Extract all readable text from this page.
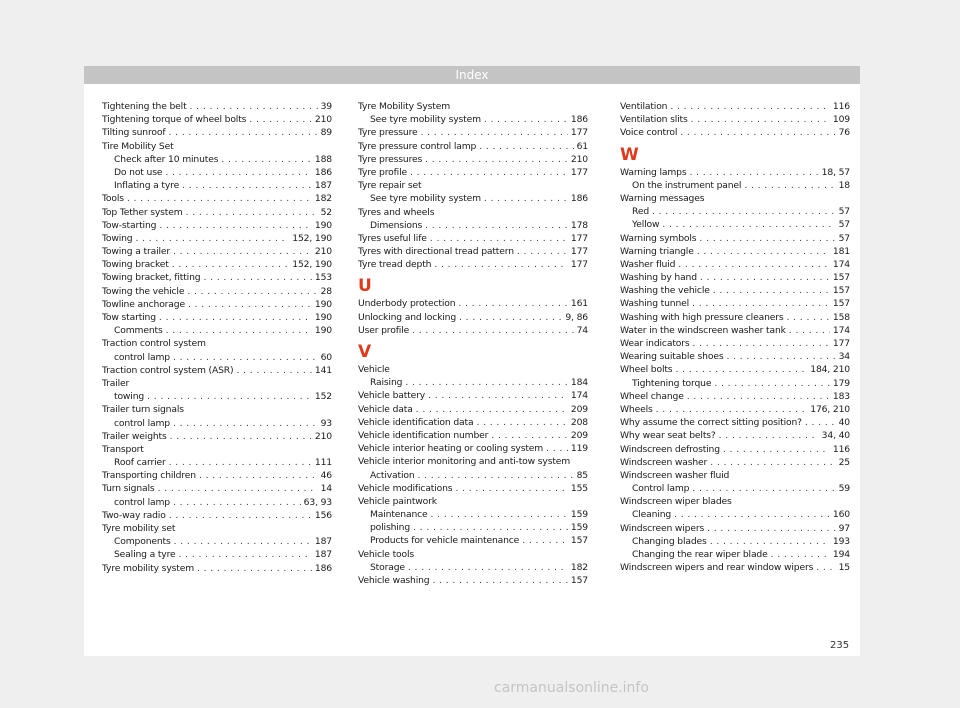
Index
Tightening the belt . . .	39
Tightening torque of wheel bolts . . .	210
Tilting sunroof . . .	89
Tire Mobility Set
Check after 10 minutes . . .	188
Do not use . . .	186
Inflating a tyre . . .	187
Tools . . .	182
Top Tether system . . .	52
Tow-starting . . .	190
Towing . . .	152, 190
Towing a trailer . . .	210
Towing bracket . . .	152, 190
Towing bracket, fitting . . .	153
Towing the vehicle . . .	28
Towline anchorage . . .	190
Tow starting . . .	190
Comments . . .	190
Traction control system
control lamp . . .	60
Traction control system (ASR) . . .	141
Trailer
towing . . .	152
Trailer turn signals
control lamp . . .	93
Trailer weights . . .	210
Transport
Roof carrier . . .	111
Transporting children . . .	46
Turn signals . . .	14
control lamp . . .	63, 93
Two-way radio . . .	156
Tyre mobility set
Components . . .	187
Sealing a tyre . . .	187
Tyre mobility system . . .	186
Tyre Mobility System
See tyre mobility system . . .	186
Tyre pressure . . .	177
Tyre pressure control lamp . . .	61
Tyre pressures . . .	210
Tyre profile . . .	177
Tyre repair set
See tyre mobility system . . .	186
Tyres and wheels
Dimensions . . .	178
Tyres useful life . . .	177
Tyres with directional tread pattern . . .	177
Tyre tread depth . . .	177
U
Underbody protection . . .	161
Unlocking and locking . . .	9, 86
User profile . . .	74
V
Vehicle
Raising . . .	184
Vehicle battery . . .	174
Vehicle data . . .	209
Vehicle identification data . . .	208
Vehicle identification number . . .	209
Vehicle interior heating or cooling system . . .	119
Vehicle interior monitoring and anti-tow system
Activation . . .	85
Vehicle modifications . . .	155
Vehicle paintwork
Maintenance . . .	159
polishing . . .	159
Products for vehicle maintenance . . .	157
Vehicle tools
Storage . . .	182
Vehicle washing . . .	157
Ventilation . . .	116
Ventilation slits . . .	109
Voice control . . .	76
W
Warning lamps . . .	18, 57
On the instrument panel . . .	18
Warning messages
Red . . .	57
Yellow . . .	57
Warning symbols . . .	57
Warning triangle . . .	181
Washer fluid . . .	174
Washing by hand . . .	157
Washing the vehicle . . .	157
Washing tunnel . . .	157
Washing with high pressure cleaners . . .	158
Water in the windscreen washer tank . . .	174
Wear indicators . . .	177
Wearing suitable shoes . . .	34
Wheel bolts . . .	184, 210
Tightening torque . . .	179
Wheel change . . .	183
Wheels . . .	176, 210
Why assume the correct sitting position? . . .	40
Why wear seat belts? . . .	34, 40
Windscreen defrosting . . .	116
Windscreen washer . . .	25
Windscreen washer fluid
Control lamp . . .	59
Windscreen wiper blades
Cleaning . . .	160
Windscreen wipers . . .	97
Changing blades . . .	193
Changing the rear wiper blade . . .	194
Windscreen wipers and rear window wipers . . .	15
235
carmanualsonline.info
